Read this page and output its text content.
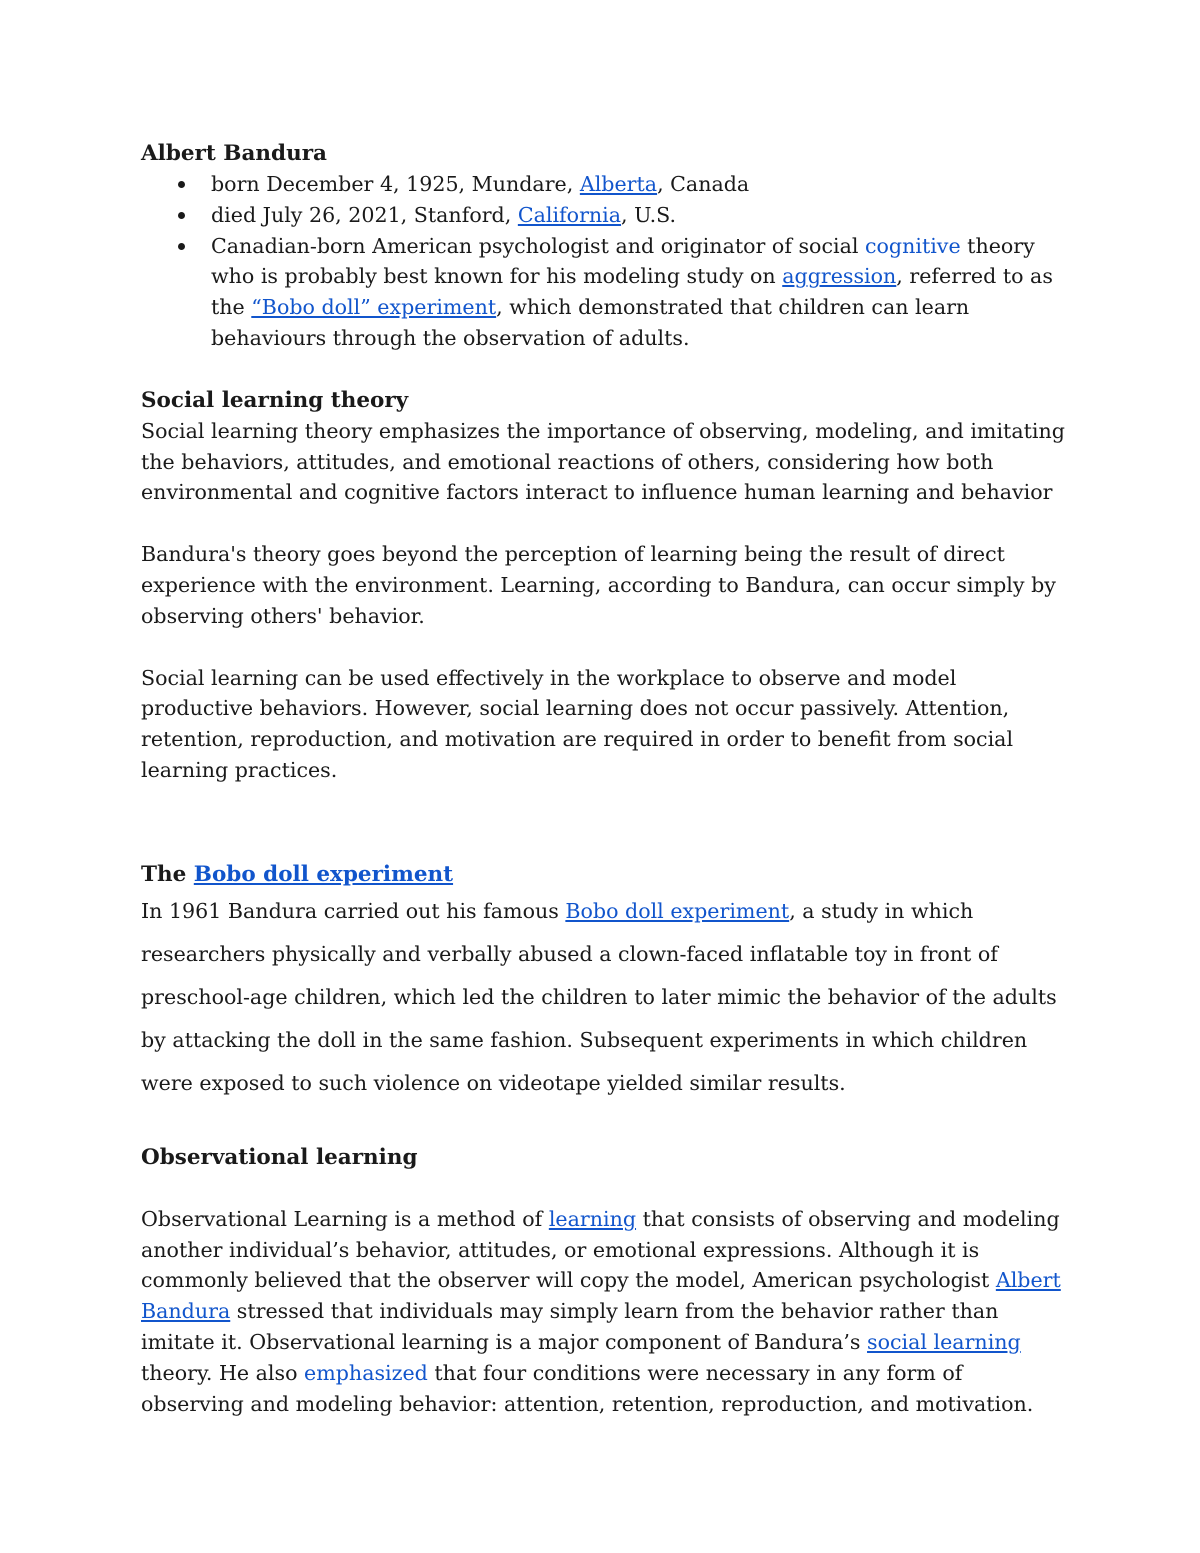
Albert Bandura
born December 4, 1925, Mundare, Alberta, Canada
died July 26, 2021, Stanford, California, U.S.
Canadian-born American psychologist and originator of social cognitive theory who is probably best known for his modeling study on aggression, referred to as the “Bobo doll” experiment, which demonstrated that children can learn behaviours through the observation of adults.
Social learning theory

Social learning theory emphasizes the importance of observing, modeling, and imitating the behaviors, attitudes, and emotional reactions of others, considering how both environmental and cognitive factors interact to influence human learning and behavior

Bandura's theory goes beyond the perception of learning being the result of direct experience with the environment. Learning, according to Bandura, can occur simply by observing others' behavior.

Social learning can be used effectively in the workplace to observe and model productive behaviors. However, social learning does not occur passively. Attention, retention, reproduction, and motivation are required in order to benefit from social learning practices.

The Bobo doll experiment

In 1961 Bandura carried out his famous Bobo doll experiment, a study in which researchers physically and verbally abused a clown-faced inflatable toy in front of preschool-age children, which led the children to later mimic the behavior of the adults by attacking the doll in the same fashion. Subsequent experiments in which children were exposed to such violence on videotape yielded similar results.

Observational learning

Observational Learning is a method of learning that consists of observing and modeling another individual’s behavior, attitudes, or emotional expressions. Although it is commonly believed that the observer will copy the model, American psychologist Albert Bandura stressed that individuals may simply learn from the behavior rather than imitate it. Observational learning is a major component of Bandura’s social learning theory. He also emphasized that four conditions were necessary in any form of observing and modeling behavior: attention, retention, reproduction, and motivation.
